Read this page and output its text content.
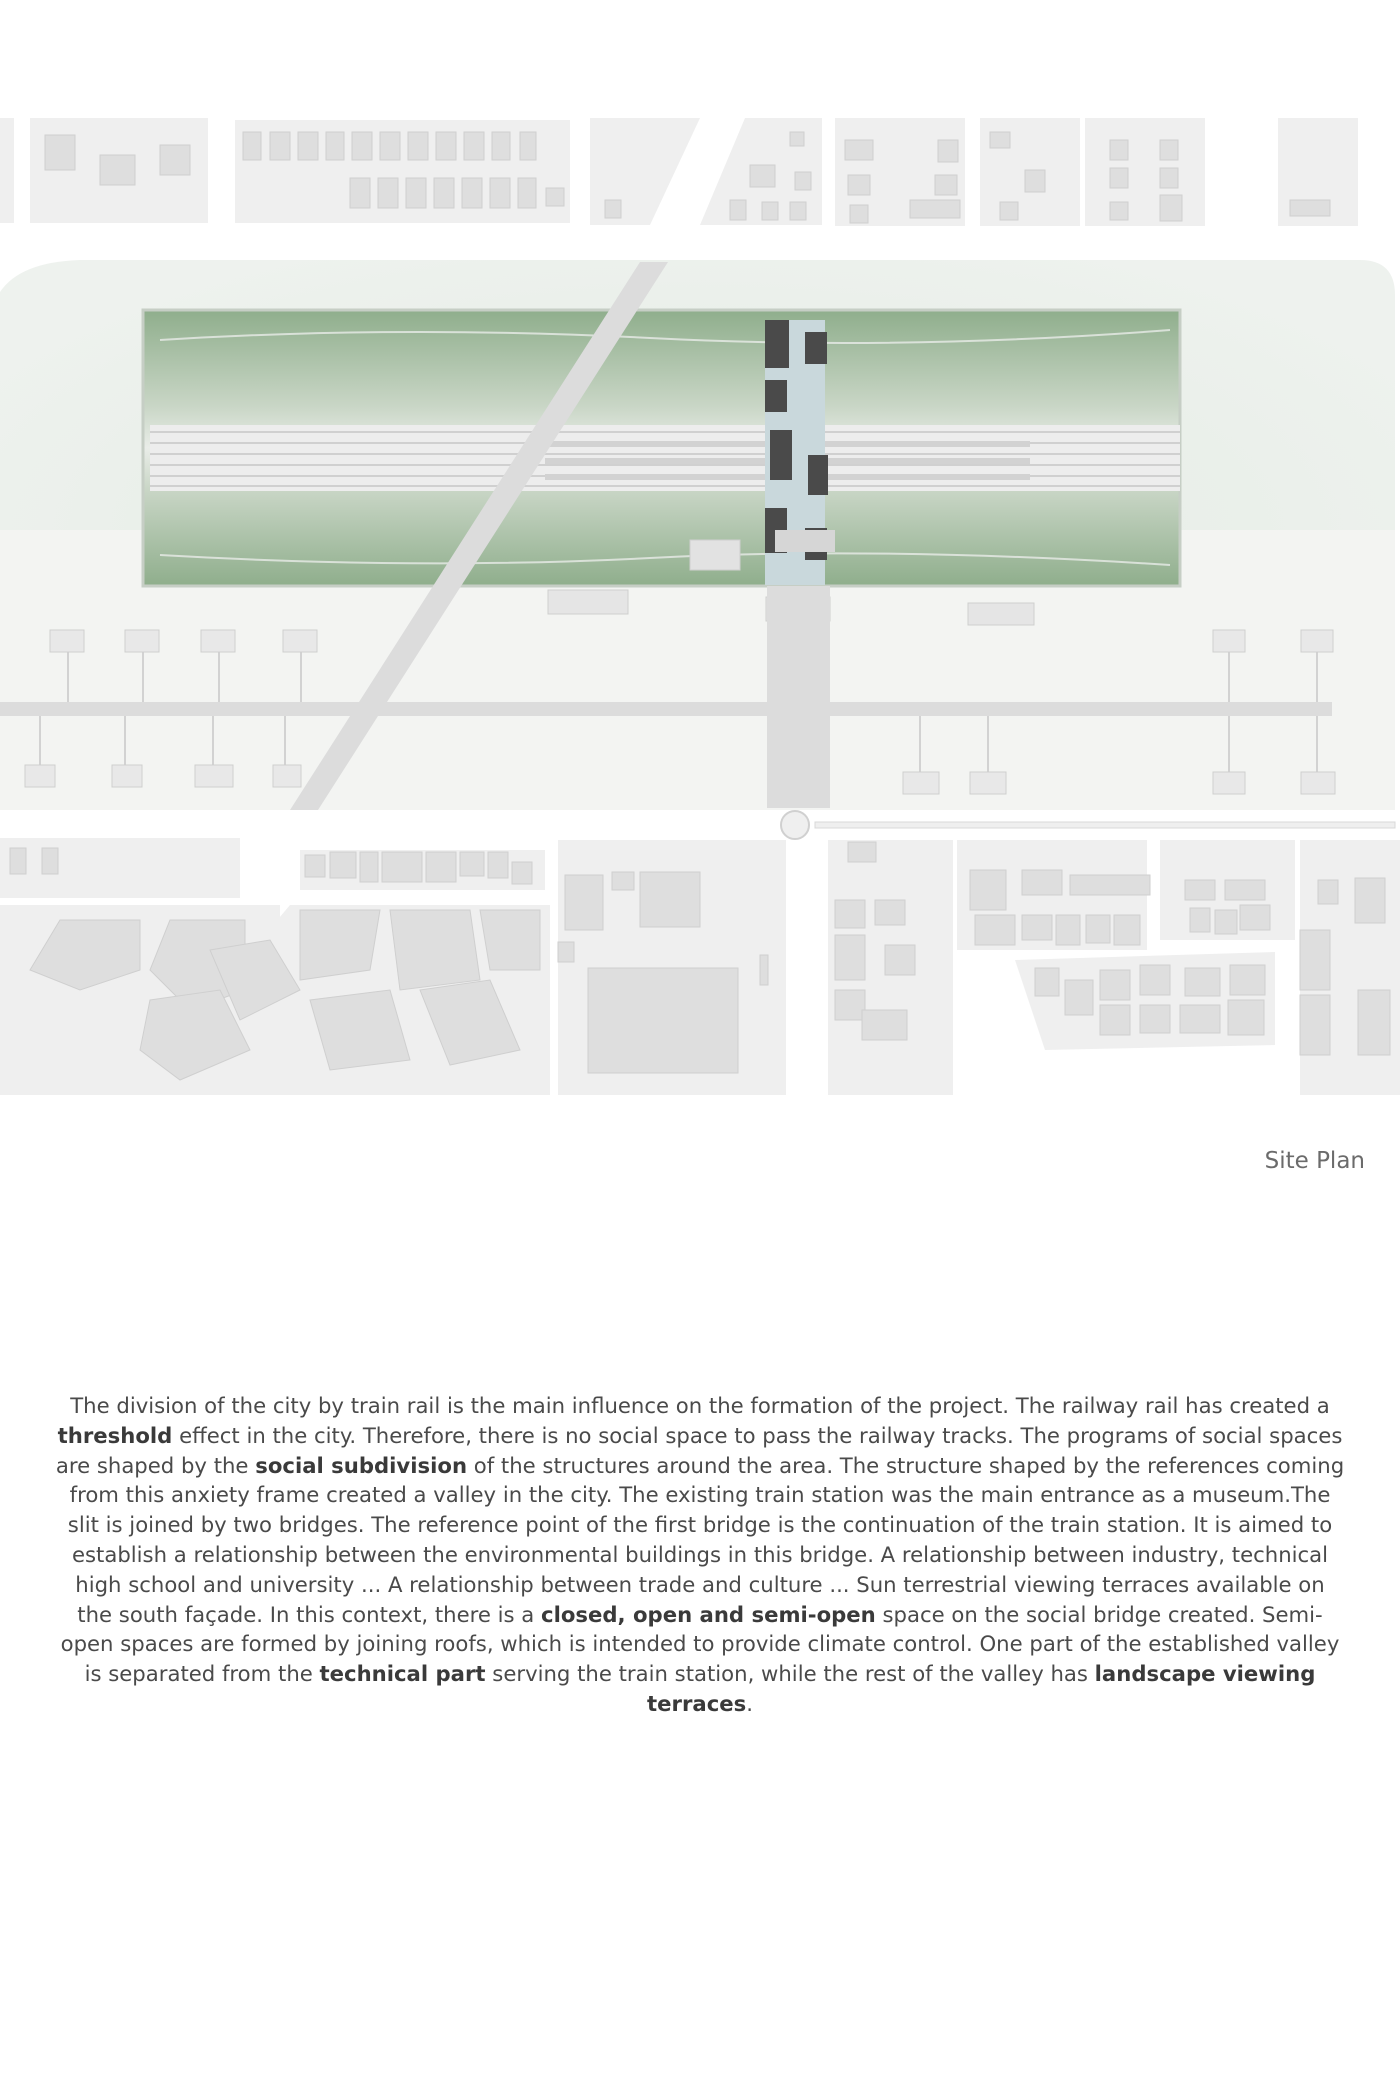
Site Plan
The division of the city by train rail is the main influence on the formation of the project. The railway rail has created a threshold effect in the city. Therefore, there is no social space to pass the railway tracks. The programs of social spaces are shaped by the social subdivision of the structures around the area. The structure shaped by the references coming from this anxiety frame created a valley in the city. The existing train station was the main entrance as a museum.The slit is joined by two bridges. The reference point of the first bridge is the continuation of the train station. It is aimed to establish a relationship between the environmental buildings in this bridge. A relationship between industry, technical high school and university ... A relationship between trade and culture ... Sun terrestrial viewing terraces available on the south façade. In this context, there is a closed, open and semi-open space on the social bridge created. Semi-open spaces are formed by joining roofs, which is intended to provide climate control. One part of the established valley is separated from the technical part serving the train station, while the rest of the valley has landscape viewing terraces.
